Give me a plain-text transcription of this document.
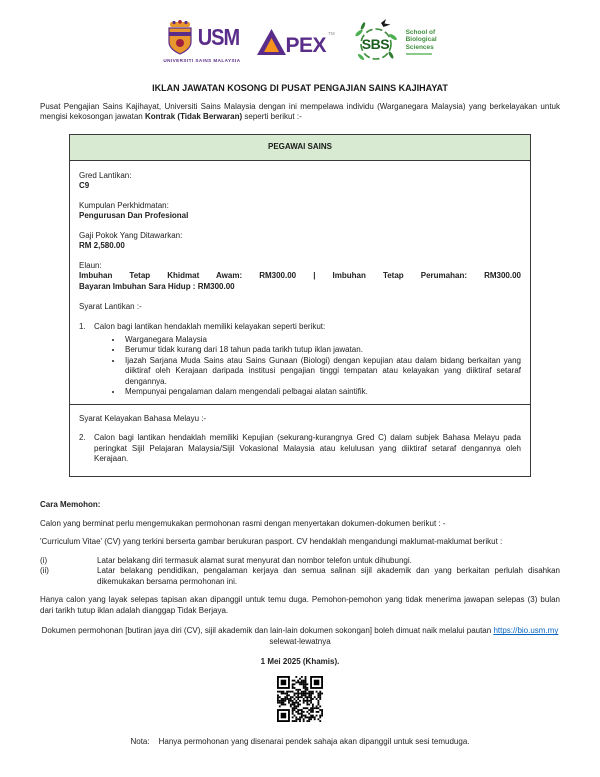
USM
UNIVERSITI SAINS MALAYSIA
PEX
TM
SBS
School of
Biological
Sciences
IKLAN JAWATAN KOSONG DI PUSAT PENGAJIAN SAINS KAJIHAYAT

Pusat Pengajian Sains Kajihayat, Universiti Sains Malaysia dengan ini mempelawa individu (Warganegara Malaysia) yang berkelayakan untuk mengisi kekosongan jawatan Kontrak (Tidak Berwaran) seperti berikut :-

PEGAWAI SAINS
Gred Lantikan:
C9
Kumpulan Perkhidmatan:
Pengurusan Dan Profesional
Gaji Pokok Yang Ditawarkan:
RM 2,580.00
Elaun:
Imbuhan Tetap Khidmat Awam: RM300.00 | Imbuhan Tetap Perumahan: RM300.00
Bayaran Imbuhan Sara Hidup : RM300.00
Syarat Lantikan :-
1.	Calon bagi lantikan hendaklah memiliki kelayakan seperti berikut:
• Warganegara Malaysia
• Berumur tidak kurang dari 18 tahun pada tarikh tutup iklan jawatan.
• Ijazah Sarjana Muda Sains atau Sains Gunaan (Biologi) dengan kepujian atau dalam bidang berkaitan yang diiktiraf oleh Kerajaan daripada institusi pengajian tinggi tempatan atau kelayakan yang diiktiraf setaraf dengannya.
• Mempunyai pengalaman dalam mengendali pelbagai alatan saintifik.
Syarat Kelayakan Bahasa Melayu :-
2.	Calon bagi lantikan hendaklah memiliki Kepujian (sekurang-kurangnya Gred C) dalam subjek Bahasa Melayu pada peringkat Sijil Pelajaran Malaysia/Sijil Vokasional Malaysia atau kelulusan yang diiktiraf setaraf dengannya oleh Kerajaan.
Cara Memohon:

Calon yang berminat perlu mengemukakan permohonan rasmi dengan menyertakan dokumen-dokumen berikut : -

'Curriculum Vitae' (CV) yang terkini berserta gambar berukuran pasport. CV hendaklah mengandungi maklumat-maklumat berikut :

(i)	Latar belakang diri termasuk alamat surat menyurat dan nombor telefon untuk dihubungi.
(ii)	Latar belakang pendidikan, pengalaman kerjaya dan semua salinan sijil akademik dan yang berkaitan perlulah disahkan dikemukakan bersama permohonan ini.

Hanya calon yang layak selepas tapisan akan dipanggil untuk temu duga. Pemohon-pemohon yang tidak menerima jawapan selepas (3) bulan dari tarikh tutup iklan adalah dianggap Tidak Berjaya.

Dokumen permohonan [butiran jaya diri (CV), sijil akademik dan lain-lain dokumen sokongan] boleh dimuat naik melalui pautan https://bio.usm.my selewat-lewatnya

1 Mei 2025 (Khamis).

Nota: Hanya permohonan yang disenarai pendek sahaja akan dipanggil untuk sesi temuduga.
